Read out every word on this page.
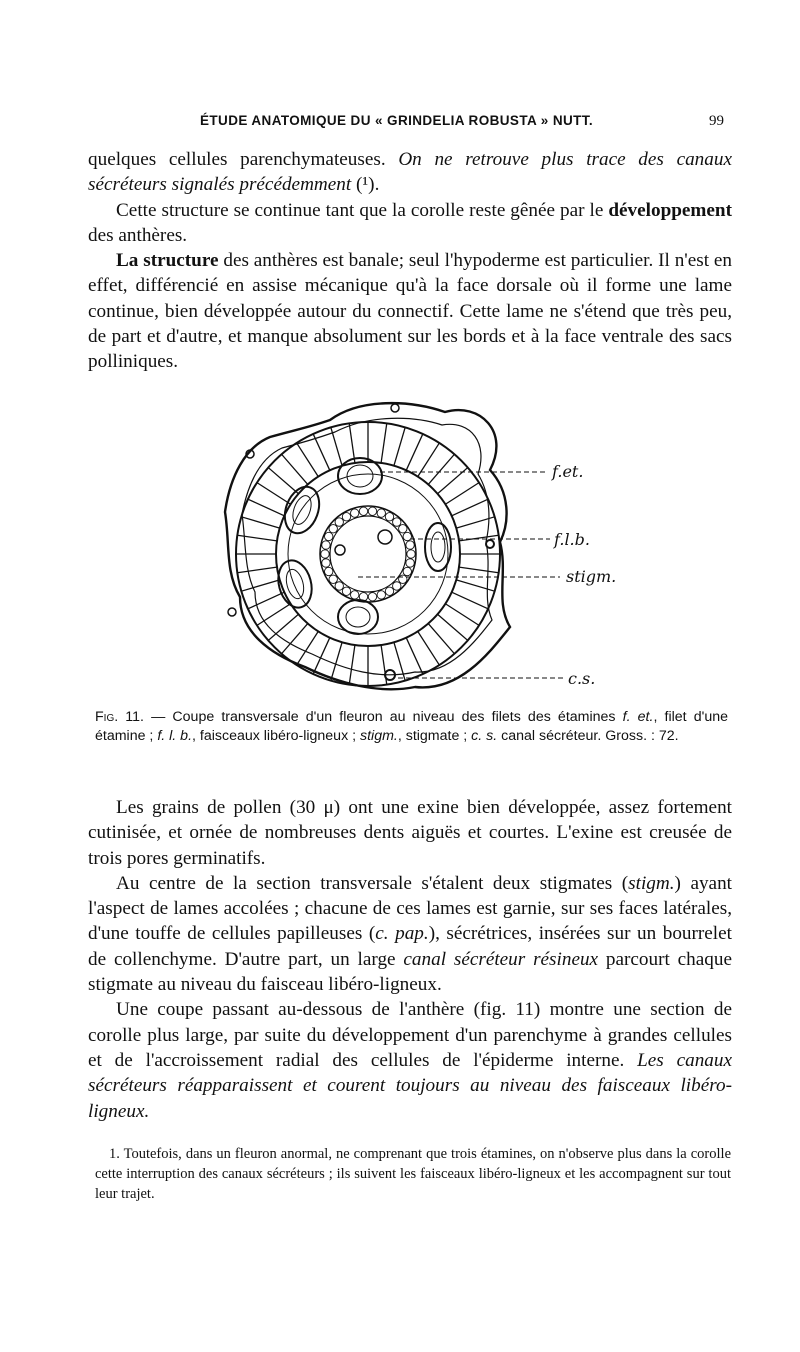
ÉTUDE ANATOMIQUE DU « GRINDELIA ROBUSTA » NUTT.	99

quelques cellules parenchymateuses. On ne retrouve plus trace des canaux sécréteurs signalés précédemment (¹).

Cette structure se continue tant que la corolle reste gênée par le développement des anthères.

La structure des anthères est banale; seul l'hypoderme est particulier. Il n'est en effet, différencié en assise mécanique qu'à la face dorsale où il forme une lame continue, bien développée autour du connectif. Cette lame ne s'étend que très peu, de part et d'autre, et manque absolument sur les bords et à la face ventrale des sacs polliniques.

f.et.
f.l.b.
stigm.
c.s.

Fig. 11. — Coupe transversale d'un fleuron au niveau des filets des étamines f. et., filet d'une étamine ; f. l. b., faisceaux libéro-ligneux ; stigm., stigmate ; c. s. canal sécréteur. Gross. : 72.

Les grains de pollen (30 μ) ont une exine bien développée, assez fortement cutinisée, et ornée de nombreuses dents aiguës et courtes. L'exine est creusée de trois pores germinatifs.

Au centre de la section transversale s'étalent deux stigmates (stigm.) ayant l'aspect de lames accolées ; chacune de ces lames est garnie, sur ses faces latérales, d'une touffe de cellules papilleuses (c. pap.), sécrétrices, insérées sur un bourrelet de collenchyme. D'autre part, un large canal sécréteur résineux parcourt chaque stigmate au niveau du faisceau libéro-ligneux.

Une coupe passant au-dessous de l'anthère (fig. 11) montre une section de corolle plus large, par suite du développement d'un parenchyme à grandes cellules et de l'accroissement radial des cellules de l'épiderme interne. Les canaux sécréteurs réapparaissent et courent toujours au niveau des faisceaux libéro-ligneux.

1. Toutefois, dans un fleuron anormal, ne comprenant que trois étamines, on n'observe plus dans la corolle cette interruption des canaux sécréteurs ; ils suivent les faisceaux libéro-ligneux et les accompagnent sur tout leur trajet.
